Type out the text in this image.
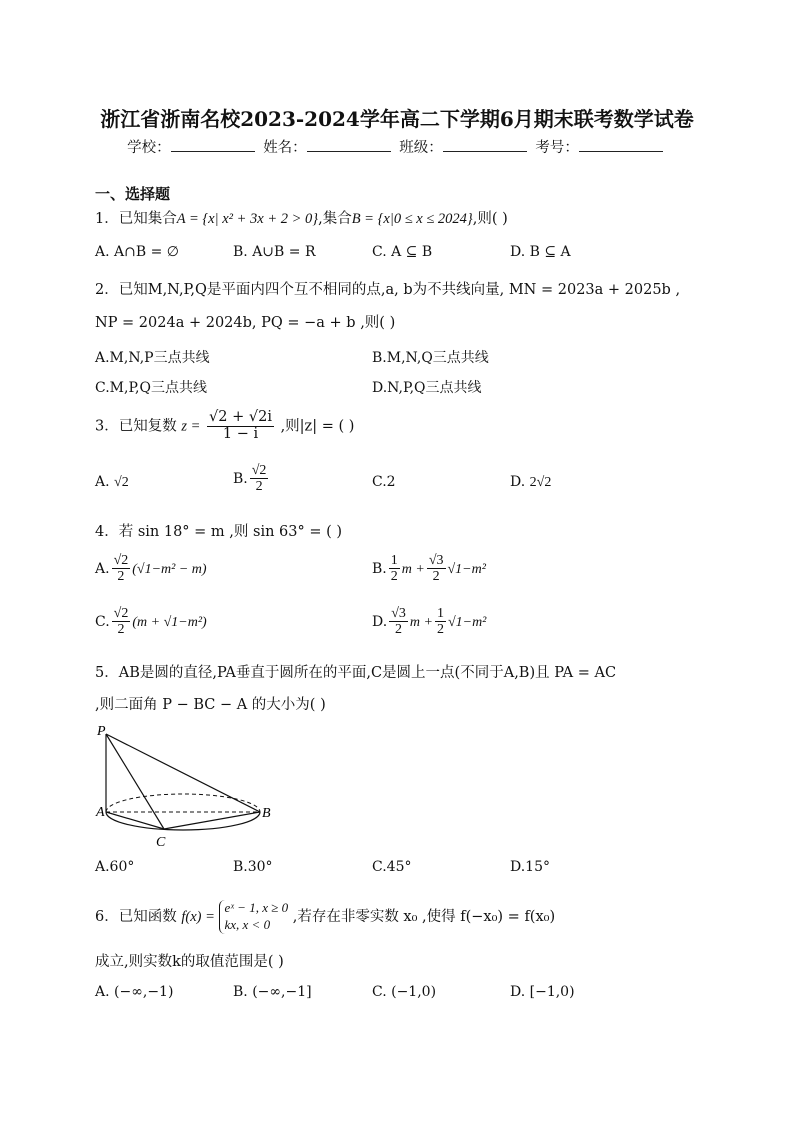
浙江省浙南名校2023-2024学年高二下学期6月期末联考数学试卷
学校：	姓名：	班级：	考号：
一、选择题
1．已知集合A = {x| x² + 3x + 2 > 0},集合B = {x|0 ≤ x ≤ 2024},则( )
A. A∩B = ∅	B. A∪B = R	C. A ⊆ B	D. B ⊆ A
2．已知M,N,P,Q是平面内四个互不相同的点,a, b为不共线向量, MN = 2023a + 2025b ,
NP = 2024a + 2024b, PQ = −a + b ,则( )
A.M,N,P三点共线	B.M,N,Q三点共线
C.M,P,Q三点共线	D.N,P,Q三点共线
3．已知复数 $z = \frac{√2 + √2i}{1 - i}$ ,则|z| = ( )
A. √2	B. $\frac{√2}{2}$	C.2	D. 2√2
4．若 sin 18° = m ,则 sin 63° = ( )
A. $\frac{√2}{2} (√1-m^2 - m)$	B. $\frac{1}{2}$ $m + \frac{√3}{2} √1-m^2$
C. $\frac{√2}{2} (m + √1-m^2)$	D. $\frac{√3}{2}$ $m + \frac{1}{2} √1-m^2$
5．AB是圆的直径,PA垂直于圆所在的平面,C是圆上一点(不同于A,B)且 PA = AC
,则二面角 P − BC − A 的大小为( )
P
A	B
C
A.60°	B.30°	C.45°	D.15°
6．已知函数 f(x) =
eˣ − 1, x ≥ 0
kx, x < 0	,若存在非零实数 x₀ ,使得 f(−x₀) = f(x₀)
成立,则实数k的取值范围是( )
A. (−∞,−1)	B. (−∞,−1]	C. (−1,0)	D. [−1,0)
